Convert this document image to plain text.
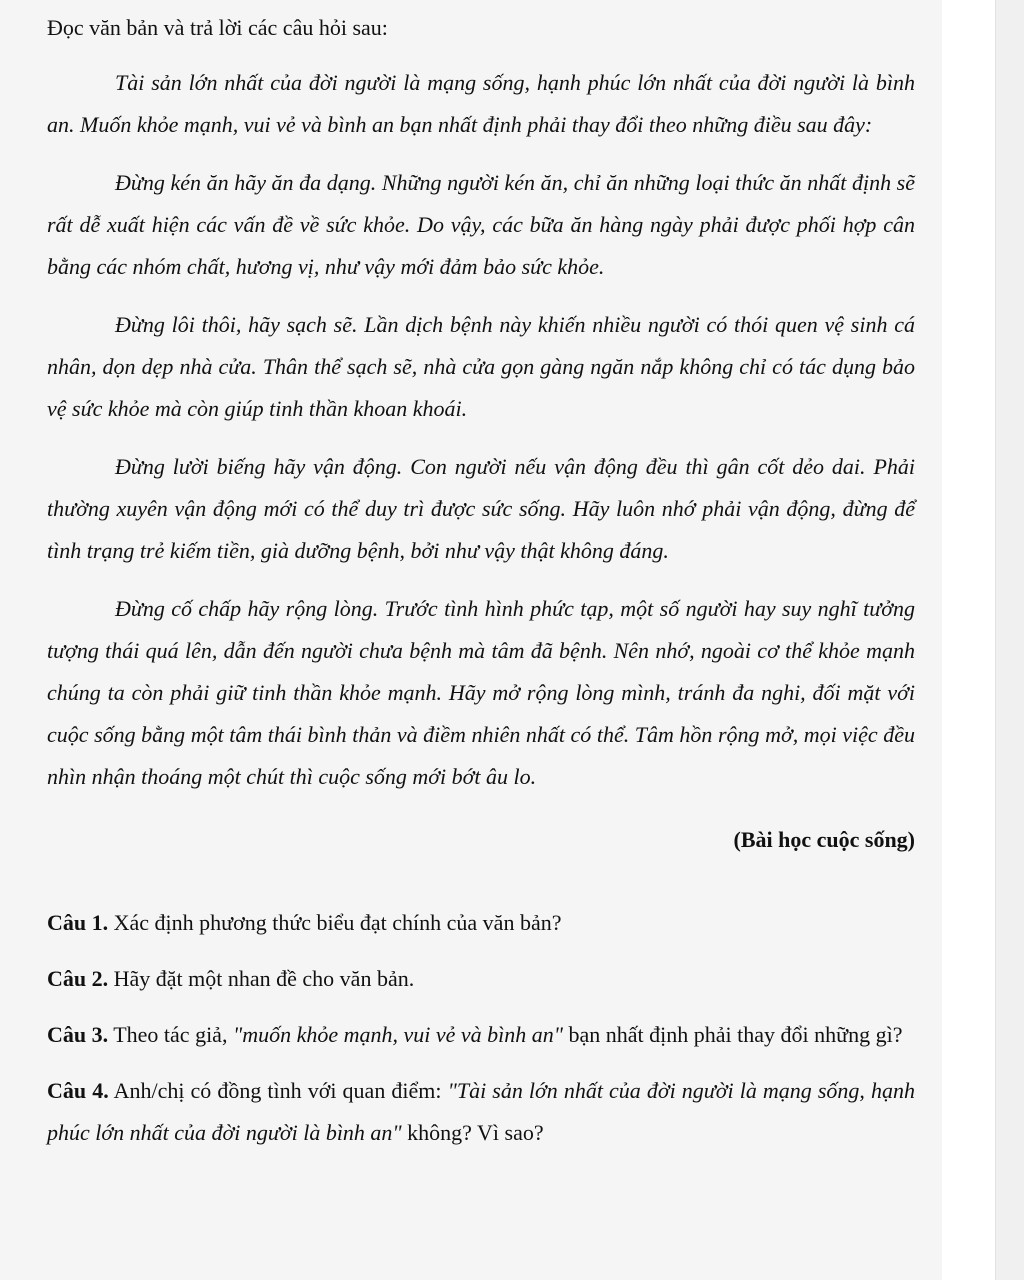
Đọc văn bản và trả lời các câu hỏi sau:

Tài sản lớn nhất của đời người là mạng sống, hạnh phúc lớn nhất của đời người là bình an. Muốn khỏe mạnh, vui vẻ và bình an bạn nhất định phải thay đổi theo những điều sau đây:

Đừng kén ăn hãy ăn đa dạng. Những người kén ăn, chỉ ăn những loại thức ăn nhất định sẽ rất dễ xuất hiện các vấn đề về sức khỏe. Do vậy, các bữa ăn hàng ngày phải được phối hợp cân bằng các nhóm chất, hương vị, như vậy mới đảm bảo sức khỏe.

Đừng lôi thôi, hãy sạch sẽ. Lần dịch bệnh này khiến nhiều người có thói quen vệ sinh cá nhân, dọn dẹp nhà cửa. Thân thể sạch sẽ, nhà cửa gọn gàng ngăn nắp không chỉ có tác dụng bảo vệ sức khỏe mà còn giúp tinh thần khoan khoái.

Đừng lười biếng hãy vận động. Con người nếu vận động đều thì gân cốt dẻo dai. Phải thường xuyên vận động mới có thể duy trì được sức sống. Hãy luôn nhớ phải vận động, đừng để tình trạng trẻ kiếm tiền, già dưỡng bệnh, bởi như vậy thật không đáng.

Đừng cố chấp hãy rộng lòng. Trước tình hình phức tạp, một số người hay suy nghĩ tưởng tượng thái quá lên, dẫn đến người chưa bệnh mà tâm đã bệnh. Nên nhớ, ngoài cơ thể khỏe mạnh chúng ta còn phải giữ tinh thần khỏe mạnh. Hãy mở rộng lòng mình, tránh đa nghi, đối mặt với cuộc sống bằng một tâm thái bình thản và điềm nhiên nhất có thể. Tâm hồn rộng mở, mọi việc đều nhìn nhận thoáng một chút thì cuộc sống mới bớt âu lo.

(Bài học cuộc sống)

Câu 1. Xác định phương thức biểu đạt chính của văn bản?

Câu 2. Hãy đặt một nhan đề cho văn bản.

Câu 3. Theo tác giả, "muốn khỏe mạnh, vui vẻ và bình an" bạn nhất định phải thay đổi những gì?

Câu 4. Anh/chị có đồng tình với quan điểm: "Tài sản lớn nhất của đời người là mạng sống, hạnh phúc lớn nhất của đời người là bình an" không? Vì sao?
